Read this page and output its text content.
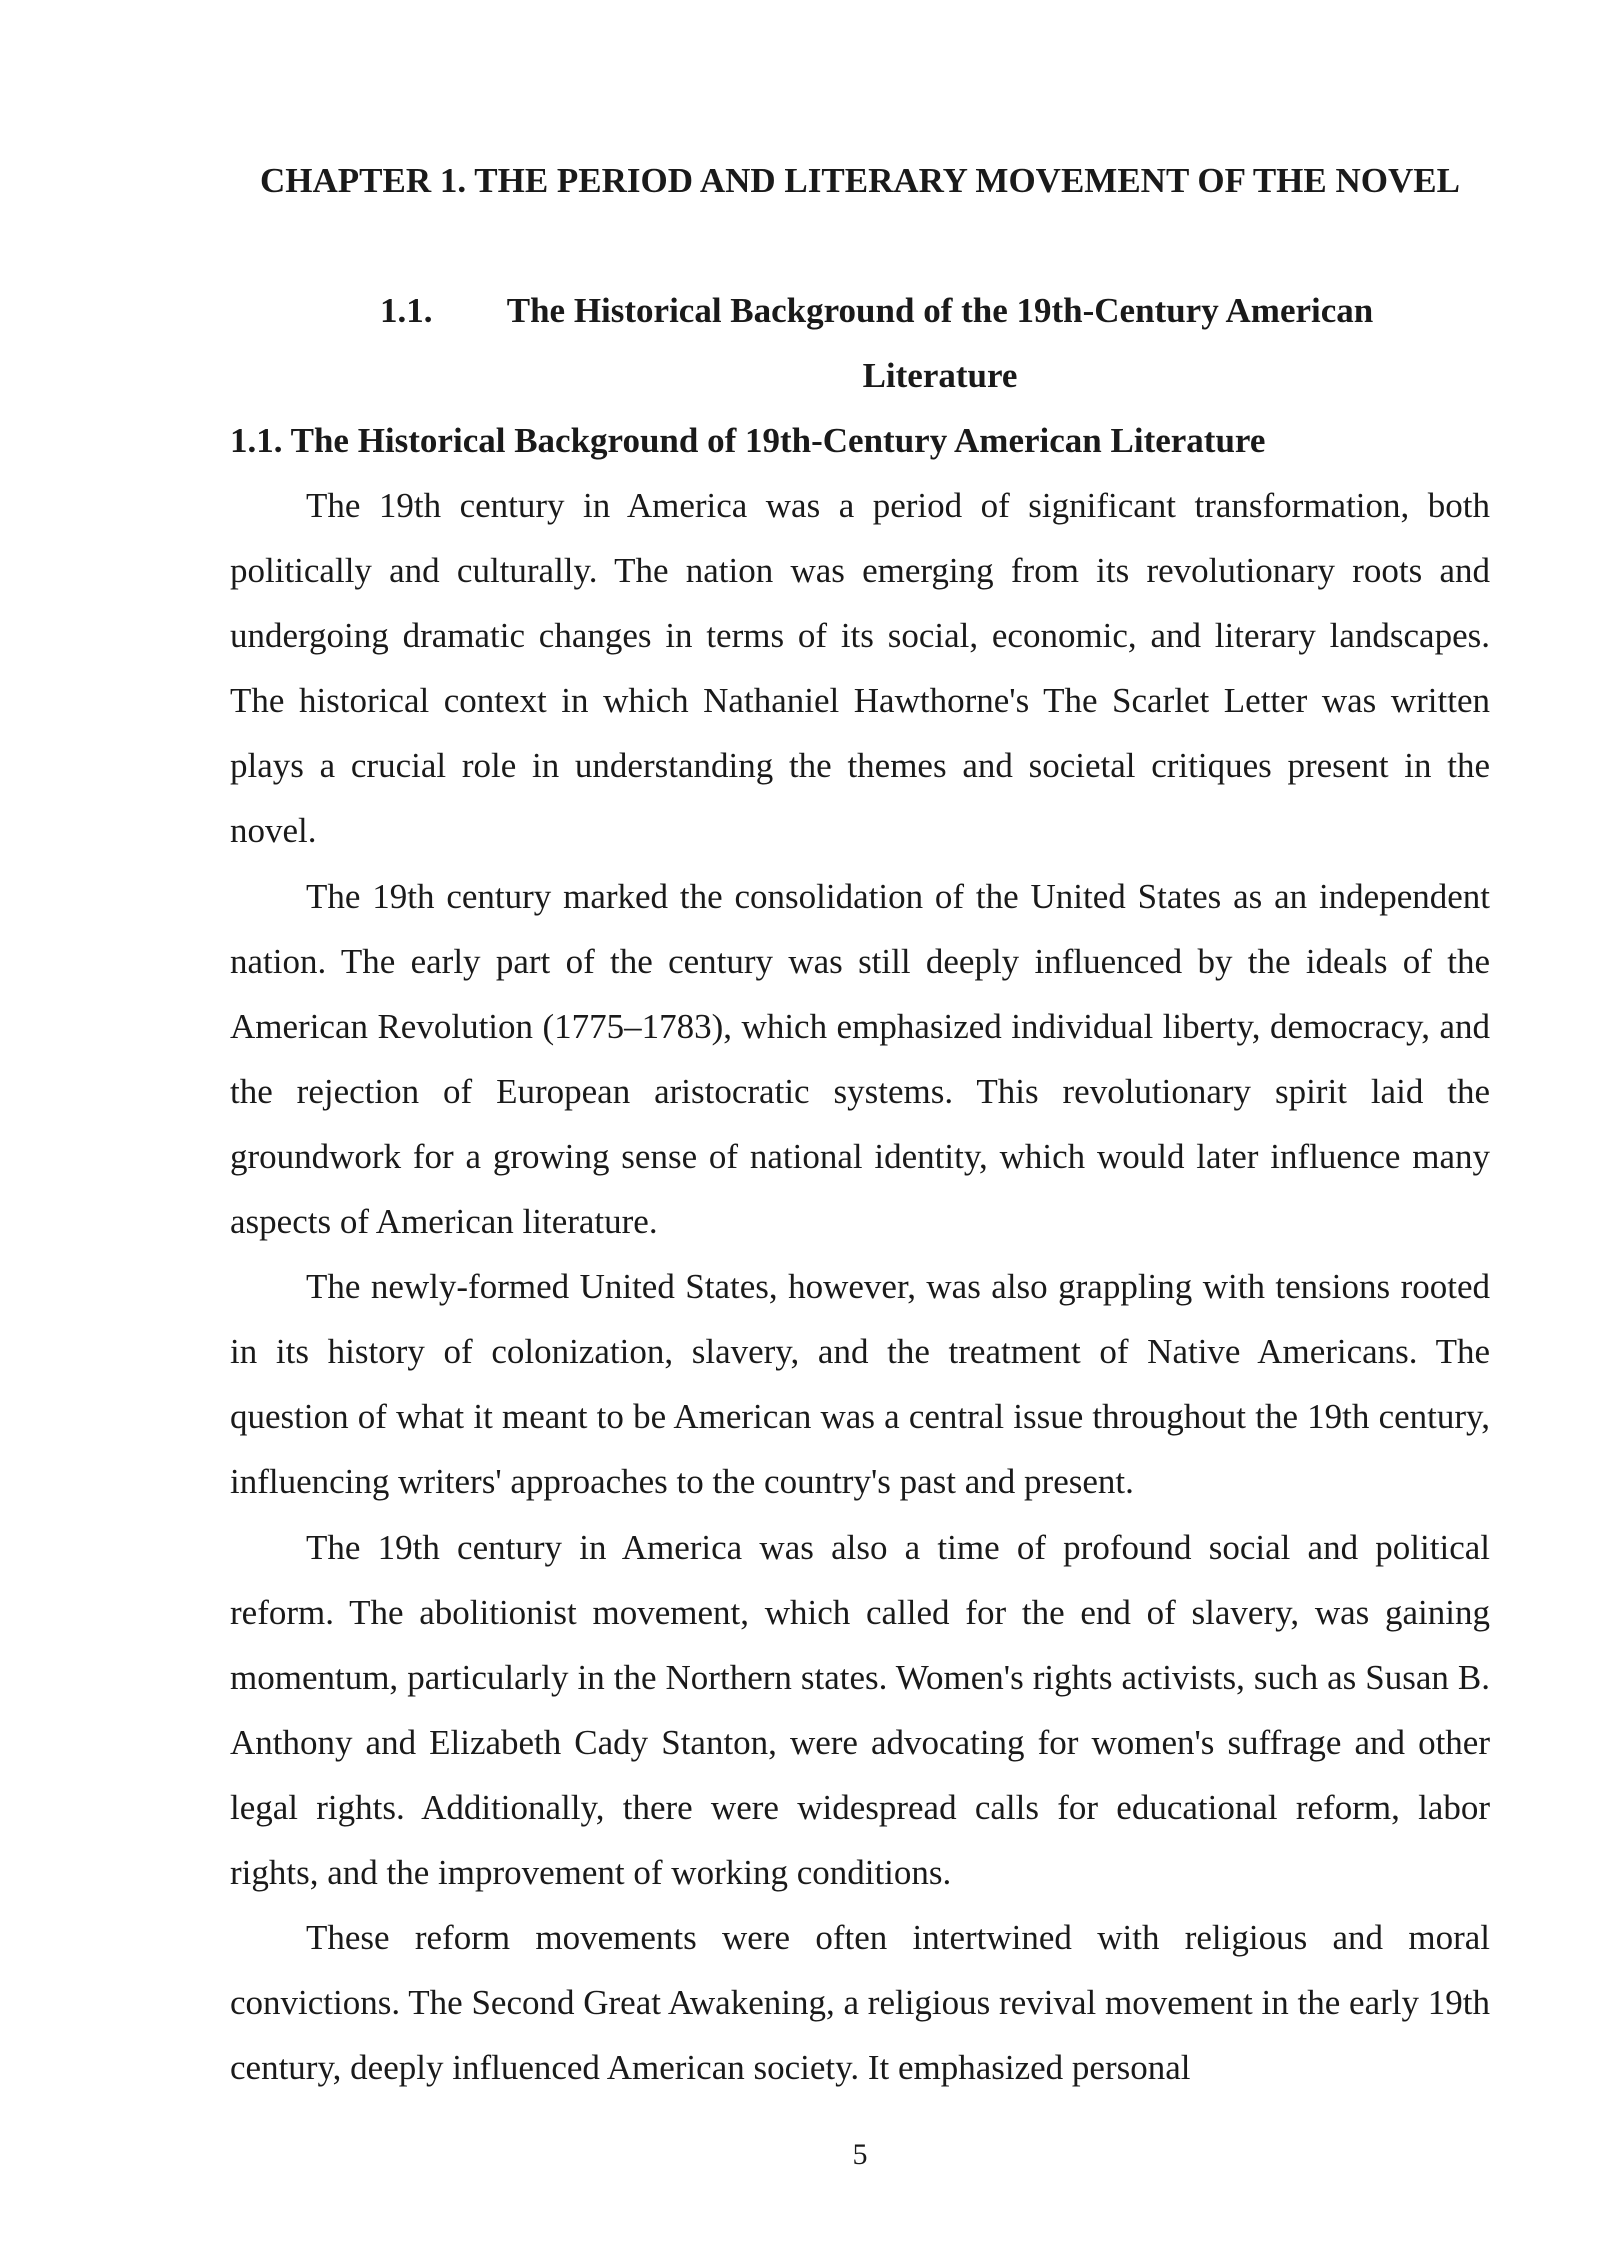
CHAPTER 1. THE PERIOD AND LITERARY MOVEMENT OF THE NOVEL
1.1.	The Historical Background of the 19th-Century American Literature
1.1. The Historical Background of 19th-Century American Literature

The 19th century in America was a period of significant transformation, both politically and culturally. The nation was emerging from its revolutionary roots and undergoing dramatic changes in terms of its social, economic, and literary landscapes. The historical context in which Nathaniel Hawthorne's The Scarlet Letter was written plays a crucial role in understanding the themes and societal critiques present in the novel.

The 19th century marked the consolidation of the United States as an independent nation. The early part of the century was still deeply influenced by the ideals of the American Revolution (1775–1783), which emphasized individual liberty, democracy, and the rejection of European aristocratic systems. This revolutionary spirit laid the groundwork for a growing sense of national identity, which would later influence many aspects of American literature.

The newly-formed United States, however, was also grappling with tensions rooted in its history of colonization, slavery, and the treatment of Native Americans. The question of what it meant to be American was a central issue throughout the 19th century, influencing writers' approaches to the country's past and present.

The 19th century in America was also a time of profound social and political reform. The abolitionist movement, which called for the end of slavery, was gaining momentum, particularly in the Northern states. Women's rights activists, such as Susan B. Anthony and Elizabeth Cady Stanton, were advocating for women's suffrage and other legal rights. Additionally, there were widespread calls for educational reform, labor rights, and the improvement of working conditions.

These reform movements were often intertwined with religious and moral convictions. The Second Great Awakening, a religious revival movement in the early 19th century, deeply influenced American society. It emphasized personal

5
